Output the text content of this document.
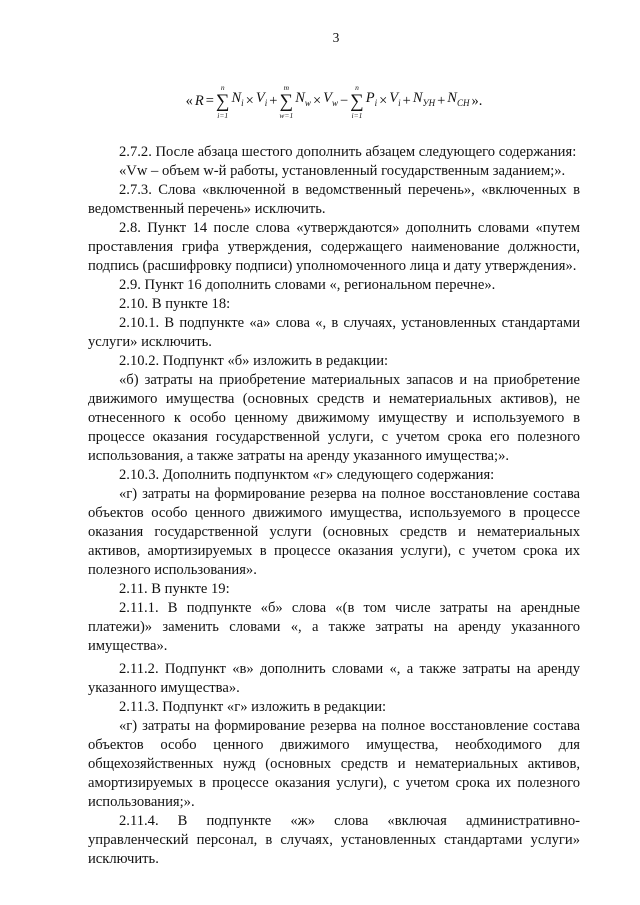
3
« R =
n
∑
i=1
$N_i \times V_i$ +
m
∑
w=1
$N_w \times V_w$ −
n
∑
i=1
$P_i \times V_i + N_{УН} + N_{СН}$ ».

2.7.2. После абзаца шестого дополнить абзацем следующего содержания:

«Vw – объем w-й работы, установленный государственным заданием;».

2.7.3. Слова «включенной в ведомственный перечень», «включенных в ведомственный перечень» исключить.

2.8. Пункт 14 после слова «утверждаются» дополнить словами «путем проставления грифа утверждения, содержащего наименование должности, подпись (расшифровку подписи) уполномоченного лица и дату утверждения».

2.9. Пункт 16 дополнить словами «, региональном перечне».

2.10. В пункте 18:

2.10.1. В подпункте «а» слова «, в случаях, установленных стандартами услуги» исключить.

2.10.2. Подпункт «б» изложить в редакции:

«б) затраты на приобретение материальных запасов и на приобретение движимого имущества (основных средств и нематериальных активов), не отнесенного к особо ценному движимому имуществу и используемого в процессе оказания государственной услуги, с учетом срока его полезного использования, а также затраты на аренду указанного имущества;».

2.10.3. Дополнить подпунктом «г» следующего содержания:

«г) затраты на формирование резерва на полное восстановление состава объектов особо ценного движимого имущества, используемого в процессе оказания государственной услуги (основных средств и нематериальных активов, амортизируемых в процессе оказания услуги), с учетом срока их полезного использования».

2.11. В пункте 19:

2.11.1. В подпункте «б» слова «(в том числе затраты на арендные платежи)» заменить словами «, а также затраты на аренду указанного имущества».

2.11.2. Подпункт «в» дополнить словами «, а также затраты на аренду указанного имущества».

2.11.3. Подпункт «г» изложить в редакции:

«г) затраты на формирование резерва на полное восстановление состава объектов особо ценного движимого имущества, необходимого для общехозяйственных нужд (основных средств и нематериальных активов, амортизируемых в процессе оказания услуги), с учетом срока их полезного использования;».

2.11.4. В подпункте «ж» слова «включая административно-управленческий персонал, в случаях, установленных стандартами услуги» исключить.
